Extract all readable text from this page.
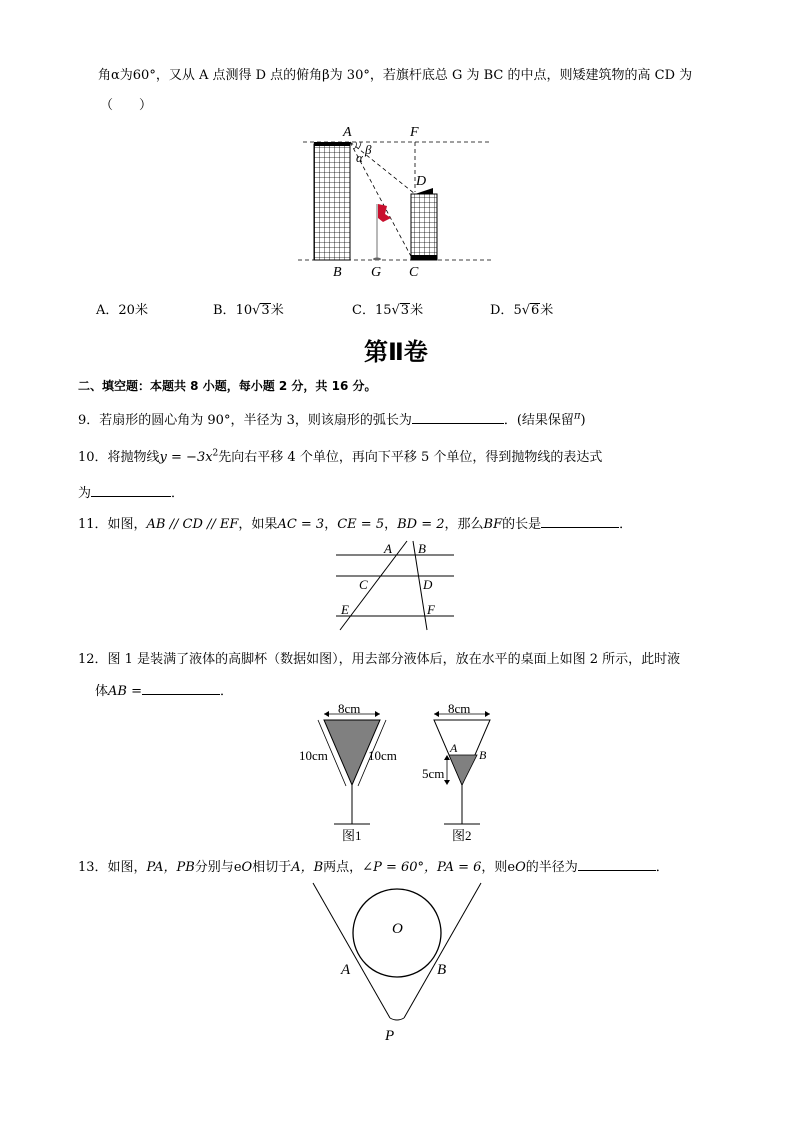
角α为60°，又从 A 点测得 D 点的俯角β为 30°，若旗杆底总 G 为 BC 的中点，则矮建筑物的高 CD 为
（　　）
A	F
β
α
D
B G C
A．20米	B．10√3米	C．15√3米	D．5√6米
第Ⅱ卷
二、填空题：本题共 8 小题，每小题 2 分，共 16 分。
9．若扇形的圆心角为 90°，半径为 3，则该扇形的弧长为	．(结果保留$^\pi$)
10．将抛物线$y = -3x^2$先向右平移 4 个单位，再向下平移 5 个单位，得到抛物线的表达式
为	．
11．如图，AB // CD // EF，如果AC = 3，CE = 5，BD = 2，那么BF的长是	．
A B
C	D
E	F
12．图 1 是装满了液体的高脚杯（数据如图），用去部分液体后，放在水平的桌面上如图 2 所示，此时液
体AB =	．
8cm
10cm	10cm
图1
8cm
5cm
A B
图2
13．如图，PA，PB分别与eO相切于A，B两点，∠P = 60°，PA = 6，则eO的半径为	．
O
A	B
P
